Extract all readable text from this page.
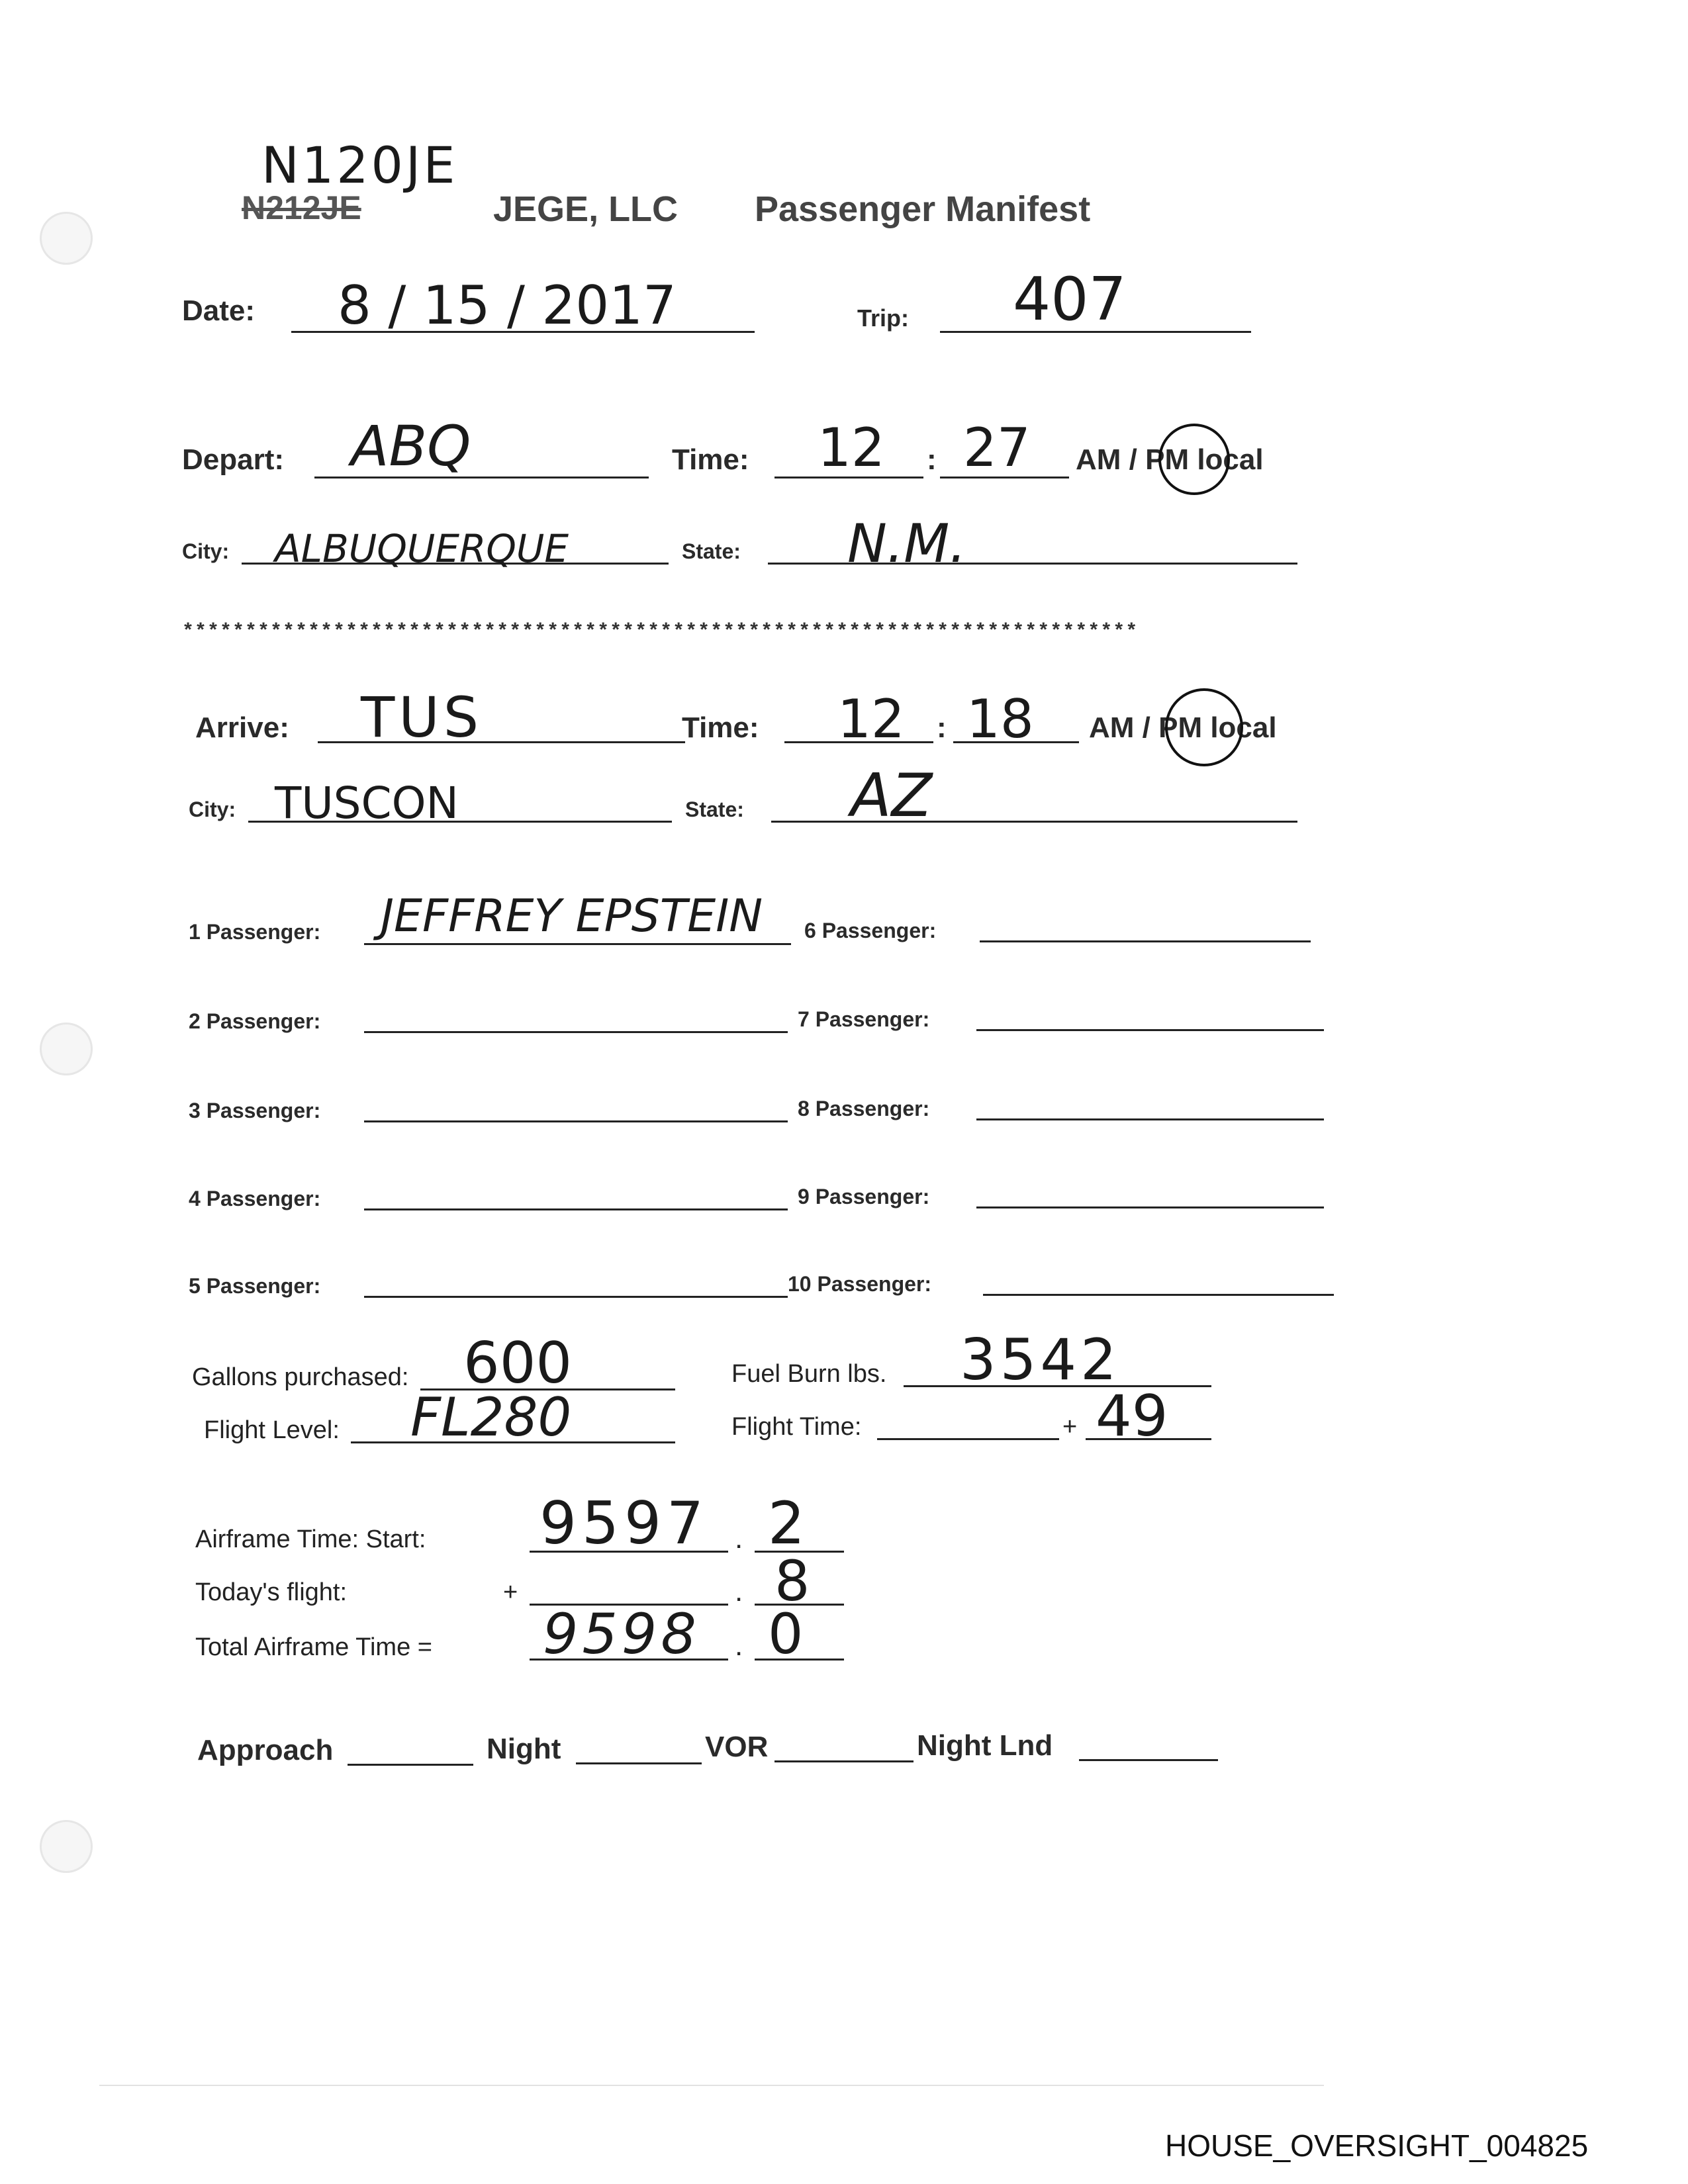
N120JE
N212JE	JEGE, LLC Passenger Manifest
Date: 8 / 15 / 2017	Trip: 407
Depart: ABQ	Time: 12 : 27 AM / PM local
City: ALBUQUERQUE	State: N.M.
****************************************************************************
Arrive: TUS	Time: 12 : 18 AM / PM local
City: TUSCON	State: AZ
1 Passenger: JEFFREY EPSTEIN
2 Passenger:
3 Passenger:
4 Passenger:
5 Passenger:
6 Passenger:
7 Passenger:
8 Passenger:
9 Passenger:
10 Passenger:
Gallons purchased: 600	Fuel Burn lbs. 3542
Flight Level: FL280	Flight Time:	+ 49
Airframe Time: Start: 9597 . 2
Today's flight:	+	. 8
Total Airframe Time = 9598 . 0
Approach	Night	VOR	Night Lnd
HOUSE_OVERSIGHT_004825
